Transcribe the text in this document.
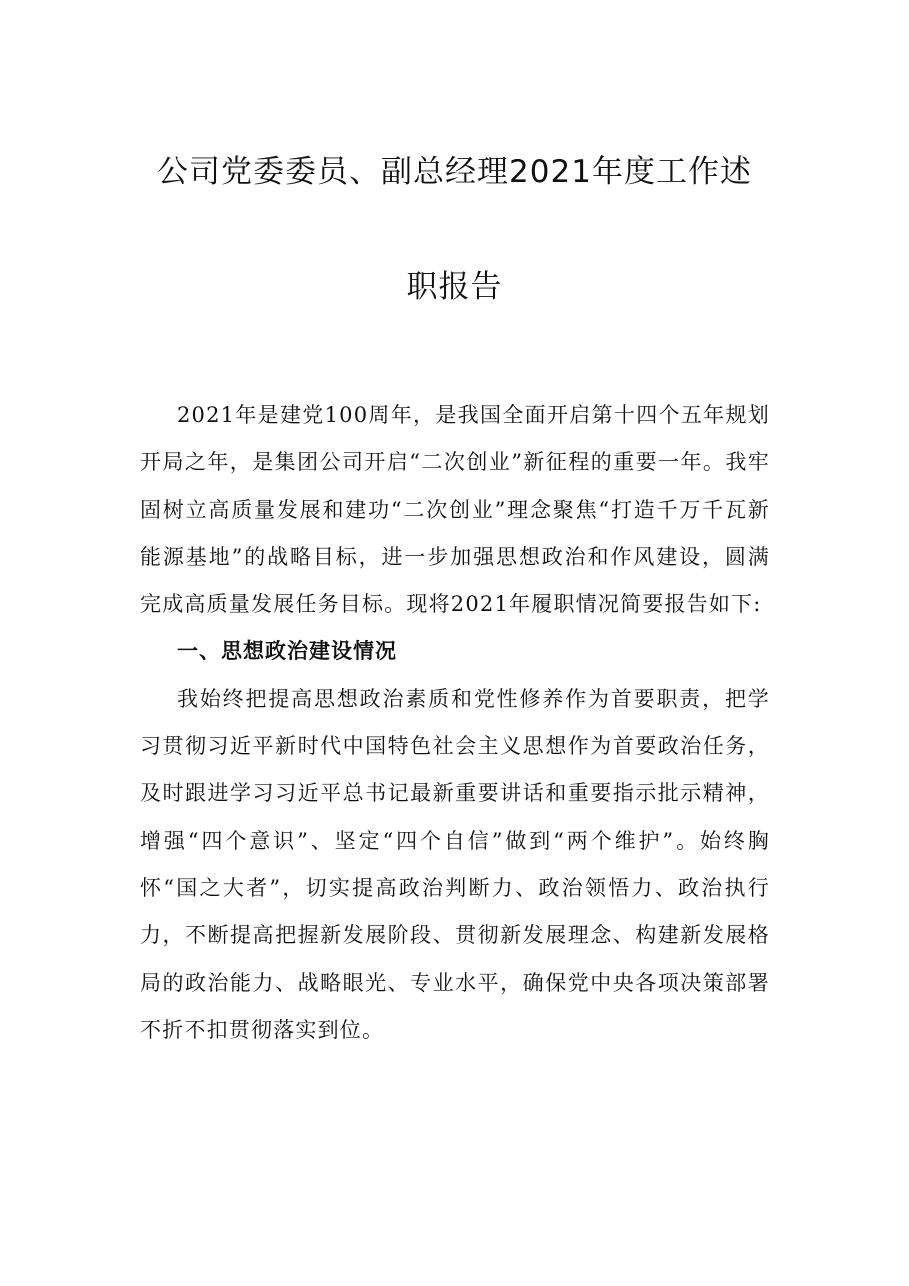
公司党委委员、副总经理2021年度工作述
职报告

2021年是建党100周年，是我国全面开启第十四个五年规划开局之年，是集团公司开启“二次创业”新征程的重要一年。我牢固树立高质量发展和建功“二次创业”理念聚焦“打造千万千瓦新能源基地”的战略目标，进一步加强思想政治和作风建设，圆满完成高质量发展任务目标。现将2021年履职情况简要报告如下:

一、思想政治建设情况

我始终把提高思想政治素质和党性修养作为首要职责，把学习贯彻习近平新时代中国特色社会主义思想作为首要政治任务，及时跟进学习习近平总书记最新重要讲话和重要指示批示精神，增强“四个意识”、坚定“四个自信”做到“两个维护”。始终胸怀“国之大者”，切实提高政治判断力、政治领悟力、政治执行力，不断提高把握新发展阶段、贯彻新发展理念、构建新发展格局的政治能力、战略眼光、专业水平，确保党中央各项决策部署不折不扣贯彻落实到位。
